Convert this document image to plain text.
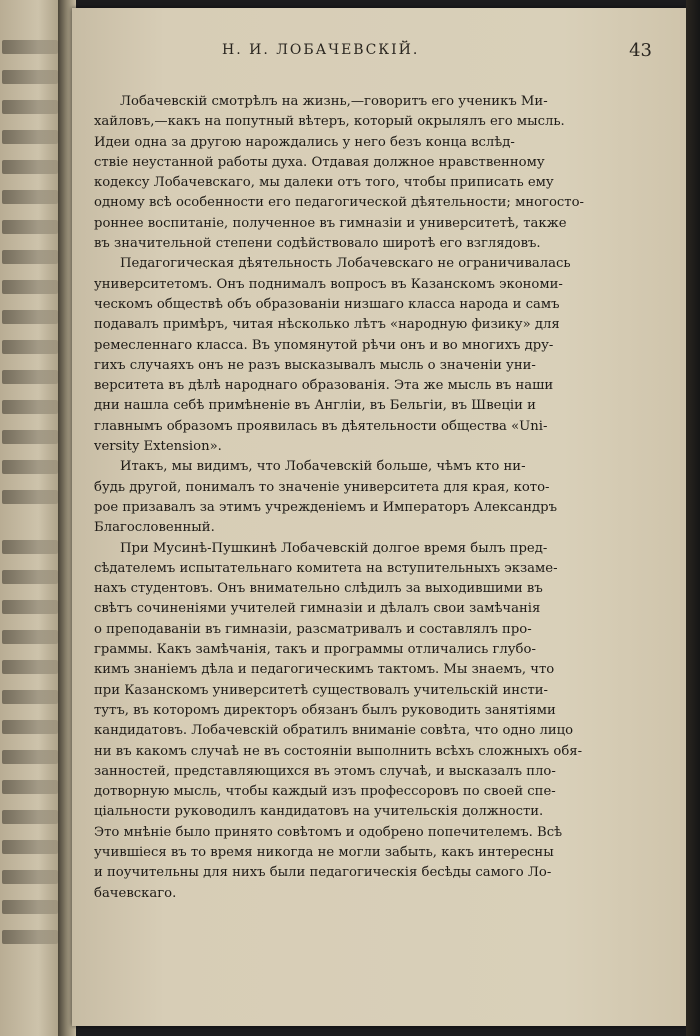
Н. И. ЛОБАЧЕВСКІЙ.	43

Лобачевскій смотрѣлъ на жизнь,—говоритъ его ученикъ Ми-
хайловъ,—какъ на попутный вѣтеръ, который окрылялъ его мысль.
Идеи одна за другою нарождались у него безъ конца вслѣд-
ствіе неустанной работы духа. Отдавая должное нравственному
кодексу Лобачевскаго, мы далеки отъ того, чтобы приписать ему
одному всѣ особенности его педагогической дѣятельности; многосто-
роннее воспитаніе, полученное въ гимназіи и университетѣ, также
въ значительной степени содѣйствовало широтѣ его взглядовъ.

Педагогическая дѣятельность Лобачевскаго не ограничивалась
университетомъ. Онъ поднималъ вопросъ въ Казанскомъ экономи-
ческомъ обществѣ объ образованіи низшаго класса народа и самъ
подавалъ примѣръ, читая нѣсколько лѣтъ «народную физику» для
ремесленнаго класса. Въ упомянутой рѣчи онъ и во многихъ дру-
гихъ случаяхъ онъ не разъ высказывалъ мысль о значеніи уни-
верситета въ дѣлѣ народнаго образованія. Эта же мысль въ наши
дни нашла себѣ примѣненіе въ Англіи, въ Бельгіи, въ Швеціи и
главнымъ образомъ проявилась въ дѣятельности общества «Uni-
versity Extension».

Итакъ, мы видимъ, что Лобачевскій больше, чѣмъ кто ни-
будь другой, понималъ то значеніе университета для края, кото-
рое призавалъ за этимъ учрежденіемъ и Императоръ Александръ
Благословенный.

При Мусинѣ-Пушкинѣ Лобачевскій долгое время былъ пред-
сѣдателемъ испытательнаго комитета на вступительныхъ экзаме-
нахъ студентовъ. Онъ внимательно слѣдилъ за выходившими въ
свѣтъ сочиненіями учителей гимназіи и дѣлалъ свои замѣчанія
о преподаваніи въ гимназіи, разсматривалъ и составлялъ про-
граммы. Какъ замѣчанія, такъ и программы отличались глубо-
кимъ знаніемъ дѣла и педагогическимъ тактомъ. Мы знаемъ, что
при Казанскомъ университетѣ существовалъ учительскій инсти-
тутъ, въ которомъ директоръ обязанъ былъ руководить занятіями
кандидатовъ. Лобачевскій обратилъ вниманіе совѣта, что одно лицо
ни въ какомъ случаѣ не въ состояніи выполнить всѣхъ сложныхъ обя-
занностей, представляющихся въ этомъ случаѣ, и высказалъ пло-
дотворную мысль, чтобы каждый изъ профессоровъ по своей спе-
ціальности руководилъ кандидатовъ на учительскія должности.
Это мнѣніе было принято совѣтомъ и одобрено попечителемъ. Всѣ
учившіеся въ то время никогда не могли забыть, какъ интересны
и поучительны для нихъ были педагогическія бесѣды самого Ло-
бачевскаго.
